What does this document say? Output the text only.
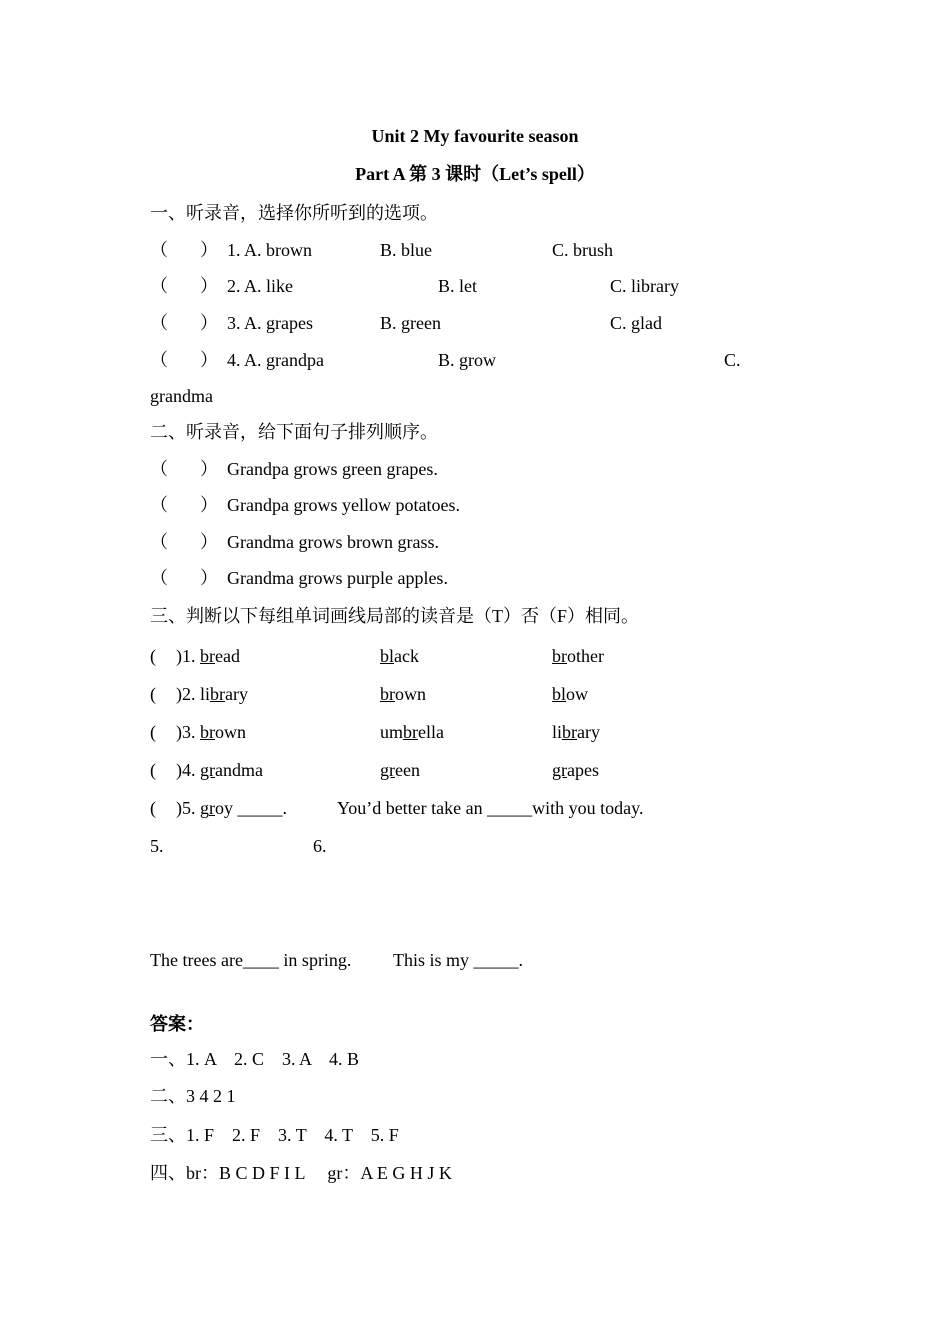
Unit 2 My favourite season
Part A 第 3 课时（Let’s spell）
一、听录音，选择你所听到的选项。
（ ） 1. A. brown	B. blue	C. brush
（ ） 2. A. like	B. let	C. library
（ ） 3. A. grapes	B. green	C. glad
（ ） 4. A. grandpa	B. grow	C.
grandma
二、听录音，给下面句子排列顺序。
（ ） Grandpa grows green grapes.
（ ） Grandpa grows yellow potatoes.
（ ） Grandma grows brown grass.
（ ） Grandma grows purple apples.
三、判断以下每组单词画线局部的读音是（T）否（F）相同。
( )1. bread	black	brother
( )2. library	brown	blow
( )3. brown	umbrella	library
( )4. grandma	green	grapes
( )5. groy _____.	You’d better take an _____with you today.
5.	6.
The trees are____ in spring. This is my _____.
答案：
一、1. A　2. C　3. A　4. B
二、3 4 2 1
三、1. F　2. F　3. T　4. T　5. F
四、br：B C D F I L　 gr：A E G H J K
